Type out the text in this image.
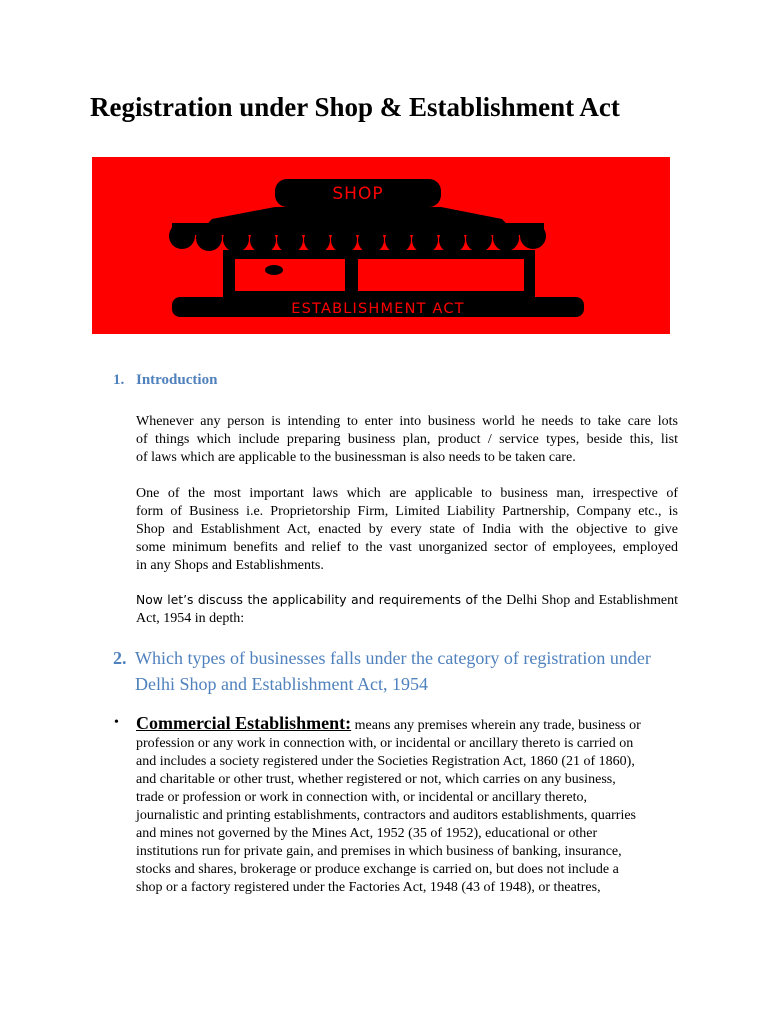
Registration under Shop & Establishment Act
SHOP
ESTABLISHMENT ACT
1. Introduction
Whenever any person is intending to enter into business world he needs to take care lots
of things which include preparing business plan, product / service types, beside this, list
of laws which are applicable to the businessman is also needs to be taken care.
One of the most important laws which are applicable to business man, irrespective of
form of Business i.e. Proprietorship Firm, Limited Liability Partnership, Company etc., is
Shop and Establishment Act, enacted by every state of India with the objective to give
some minimum benefits and relief to the vast unorganized sector of employees, employed
in any Shops and Establishments.
Now let’s discuss the applicability and requirements of the Delhi Shop and Establishment
Act, 1954 in depth:
2. Which types of businesses falls under the category of registration under
Delhi Shop and Establishment Act, 1954
• Commercial Establishment: means any premises wherein any trade, business or
profession or any work in connection with, or incidental or ancillary thereto is carried on
and includes a society registered under the Societies Registration Act, 1860 (21 of 1860),
and charitable or other trust, whether registered or not, which carries on any business,
trade or profession or work in connection with, or incidental or ancillary thereto,
journalistic and printing establishments, contractors and auditors establishments, quarries
and mines not governed by the Mines Act, 1952 (35 of 1952), educational or other
institutions run for private gain, and premises in which business of banking, insurance,
stocks and shares, brokerage or produce exchange is carried on, but does not include a
shop or a factory registered under the Factories Act, 1948 (43 of 1948), or theatres,
